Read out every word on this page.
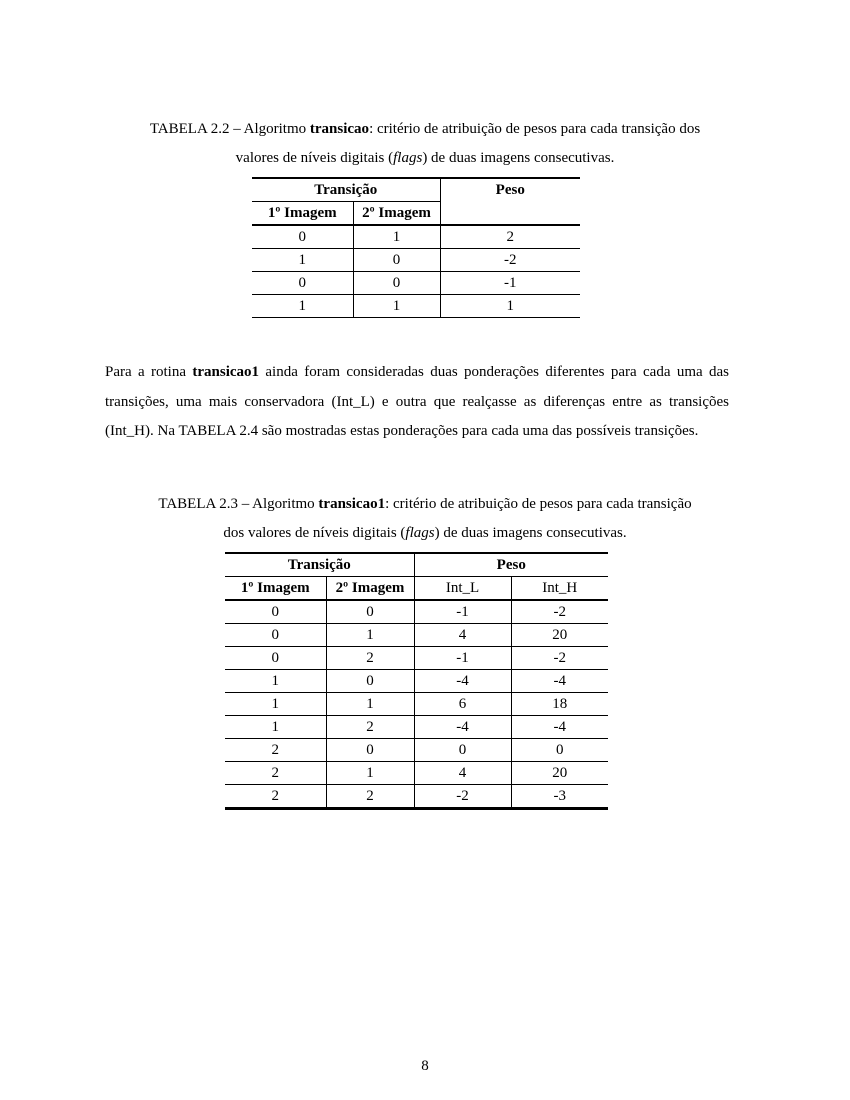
TABELA 2.2 – Algoritmo transicao: critério de atribuição de pesos para cada transição dos
valores de níveis digitais (flags) de duas imagens consecutivas.
Transição		Peso
1º Imagem	2º Imagem	
0	1	2
1	0	-2
0	0	-1
1	1	1
Para a rotina transicao1 ainda foram consideradas duas ponderações diferentes para cada uma das transições, uma mais conservadora (Int_L) e outra que realçasse as diferenças entre as transições (Int_H). Na TABELA 2.4 são mostradas estas ponderações para cada uma das possíveis transições.
TABELA 2.3 – Algoritmo transicao1: critério de atribuição de pesos para cada transição
dos valores de níveis digitais (flags) de duas imagens consecutivas.
Transição		Peso	
1º Imagem	2º Imagem	Int_L	Int_H
0	0	-1	-2
0	1	4	20
0	2	-1	-2
1	0	-4	-4
1	1	6	18
1	2	-4	-4
2	0	0	0
2	1	4	20
2	2	-2	-3
8
